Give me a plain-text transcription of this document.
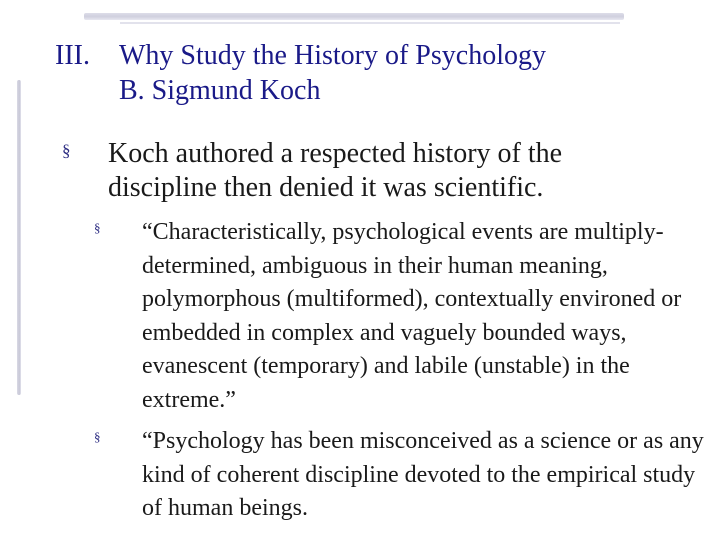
III. Why Study the History of Psychology
B. Sigmund Koch
§ Koch authored a respected history of the discipline then denied it was scientific.
§ “Characteristically, psychological events are multiply-determined, ambiguous in their human meaning, polymorphous (multiformed), contextually environed or embedded in complex and vaguely bounded ways, evanescent (temporary) and labile (unstable) in the extreme.”
§ “Psychology has been misconceived as a science or as any kind of coherent discipline devoted to the empirical study of human beings.
